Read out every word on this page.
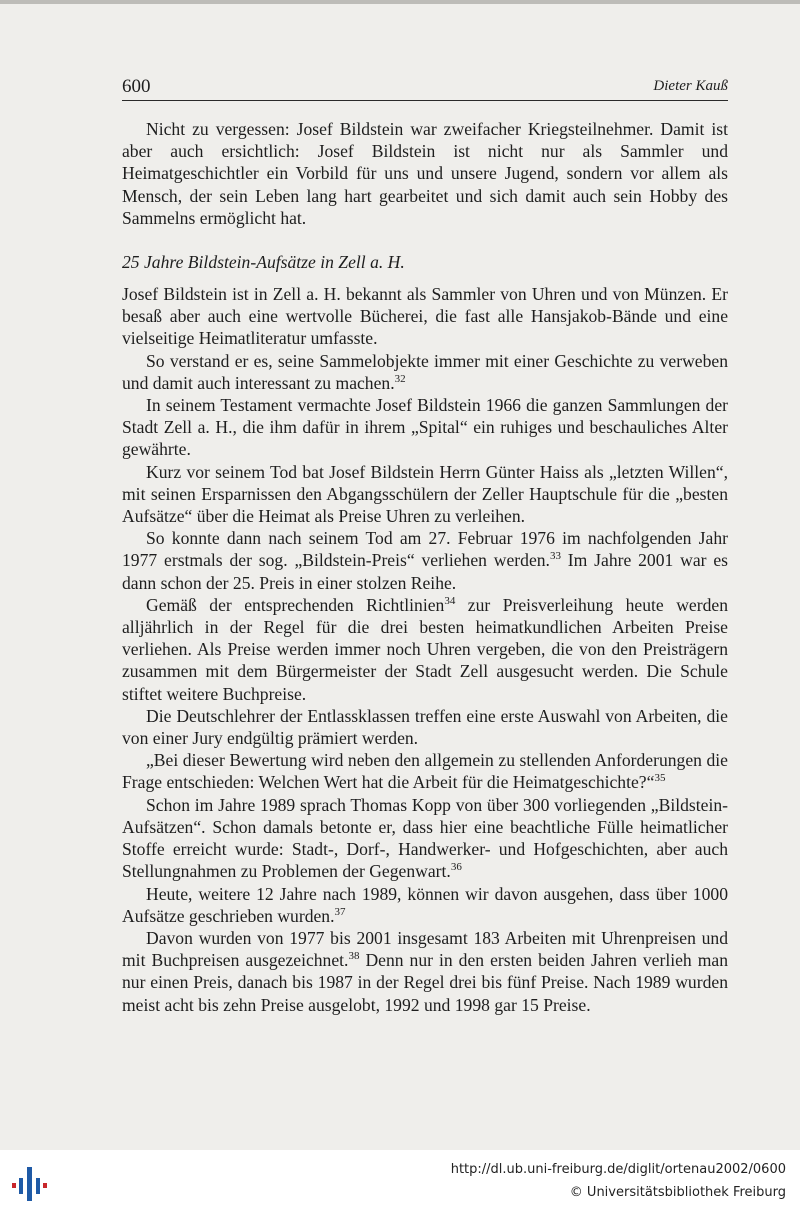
600	Dieter Kauß

Nicht zu vergessen: Josef Bildstein war zweifacher Kriegsteilnehmer. Damit ist aber auch ersichtlich: Josef Bildstein ist nicht nur als Sammler und Heimatgeschichtler ein Vorbild für uns und unsere Jugend, sondern vor allem als Mensch, der sein Leben lang hart gearbeitet und sich damit auch sein Hobby des Sammelns ermöglicht hat.

25 Jahre Bildstein-Aufsätze in Zell a. H.

Josef Bildstein ist in Zell a. H. bekannt als Sammler von Uhren und von Münzen. Er besaß aber auch eine wertvolle Bücherei, die fast alle Hansjakob-Bände und eine vielseitige Heimatliteratur umfasste.

So verstand er es, seine Sammelobjekte immer mit einer Geschichte zu verweben und damit auch interessant zu machen.$^{32}$

In seinem Testament vermachte Josef Bildstein 1966 die ganzen Sammlungen der Stadt Zell a. H., die ihm dafür in ihrem „Spital“ ein ruhiges und beschauliches Alter gewährte.

Kurz vor seinem Tod bat Josef Bildstein Herrn Günter Haiss als „letzten Willen“, mit seinen Ersparnissen den Abgangsschülern der Zeller Hauptschule für die „besten Aufsätze“ über die Heimat als Preise Uhren zu verleihen.

So konnte dann nach seinem Tod am 27. Februar 1976 im nachfolgenden Jahr 1977 erstmals der sog. „Bildstein-Preis“ verliehen werden.$^{33}$ Im Jahre 2001 war es dann schon der 25. Preis in einer stolzen Reihe.

Gemäß der entsprechenden Richtlinien$^{34}$ zur Preisverleihung heute werden alljährlich in der Regel für die drei besten heimatkundlichen Arbeiten Preise verliehen. Als Preise werden immer noch Uhren vergeben, die von den Preisträgern zusammen mit dem Bürgermeister der Stadt Zell ausgesucht werden. Die Schule stiftet weitere Buchpreise.

Die Deutschlehrer der Entlassklassen treffen eine erste Auswahl von Arbeiten, die von einer Jury endgültig prämiert werden.

„Bei dieser Bewertung wird neben den allgemein zu stellenden Anforderungen die Frage entschieden: Welchen Wert hat die Arbeit für die Heimatgeschichte?“$^{35}$

Schon im Jahre 1989 sprach Thomas Kopp von über 300 vorliegenden „Bildstein-Aufsätzen“. Schon damals betonte er, dass hier eine beachtliche Fülle heimatlicher Stoffe erreicht wurde: Stadt-, Dorf-, Handwerker- und Hofgeschichten, aber auch Stellungnahmen zu Problemen der Gegenwart.$^{36}$

Heute, weitere 12 Jahre nach 1989, können wir davon ausgehen, dass über 1000 Aufsätze geschrieben wurden.$^{37}$

Davon wurden von 1977 bis 2001 insgesamt 183 Arbeiten mit Uhrenpreisen und mit Buchpreisen ausgezeichnet.$^{38}$ Denn nur in den ersten beiden Jahren verlieh man nur einen Preis, danach bis 1987 in der Regel drei bis fünf Preise. Nach 1989 wurden meist acht bis zehn Preise ausgelobt, 1992 und 1998 gar 15 Preise.

http://dl.ub.uni-freiburg.de/diglit/ortenau2002/0600
© Universitätsbibliothek Freiburg
